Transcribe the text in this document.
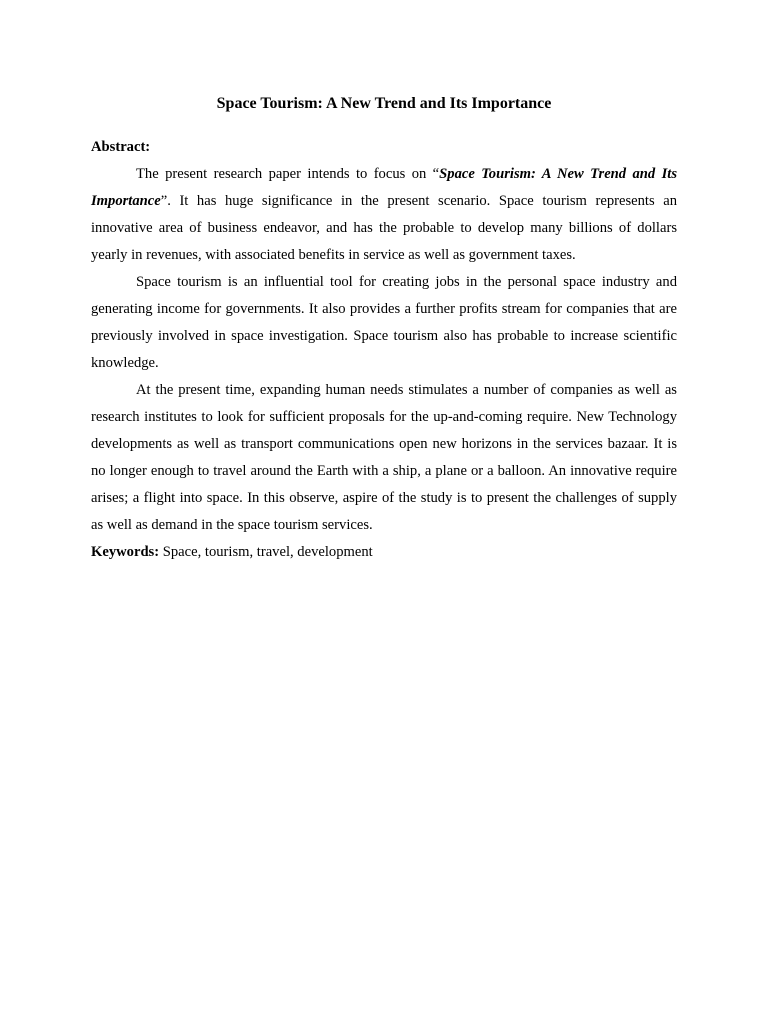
Space Tourism: A New Trend and Its Importance

Abstract:

The present research paper intends to focus on “Space Tourism: A New Trend and Its Importance”. It has huge significance in the present scenario. Space tourism represents an innovative area of business endeavor, and has the probable to develop many billions of dollars yearly in revenues, with associated benefits in service as well as government taxes.

Space tourism is an influential tool for creating jobs in the personal space industry and generating income for governments. It also provides a further profits stream for companies that are previously involved in space investigation. Space tourism also has probable to increase scientific knowledge.

At the present time, expanding human needs stimulates a number of companies as well as research institutes to look for sufficient proposals for the up-and-coming require. New Technology developments as well as transport communications open new horizons in the services bazaar. It is no longer enough to travel around the Earth with a ship, a plane or a balloon. An innovative require arises; a flight into space. In this observe, aspire of the study is to present the challenges of supply as well as demand in the space tourism services.

Keywords: Space, tourism, travel, development
